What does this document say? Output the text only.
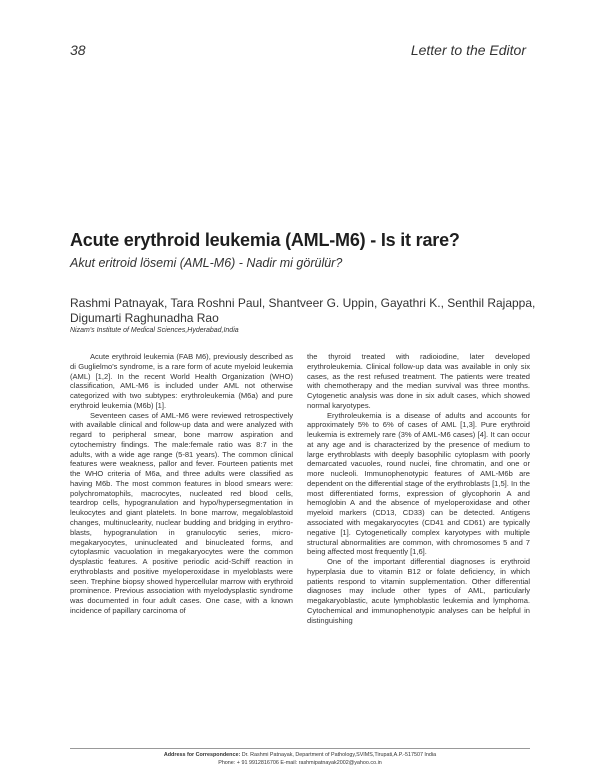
38	Letter to the Editor
Acute erythroid leukemia (AML-M6) - Is it rare?
Akut eritroid lösemi (AML-M6) - Nadir mi görülür?
Rashmi Patnayak, Tara Roshni Paul, Shantveer G. Uppin, Gayathri K., Senthil Rajappa,
Digumarti Raghunadha Rao
Nizam's Institute of Medical Sciences,Hyderabad,India

Acute erythroid leukemia (FAB M6), previously described as di Guglielmo's syndrome, is a rare form of acute myeloid leukemia (AML) [1,2]. In the recent World Health Organization (WHO) classification, AML-M6 is included under AML not otherwise categorized with two subtypes: erythroleukemia (M6a) and pure erythroid leukemia (M6b) [1].

Seventeen cases of AML-M6 were reviewed retrospectively with available clinical and follow-up data and were analyzed with regard to peripheral smear, bone marrow aspiration and cytochemistry findings. The male:female ratio was 8:7 in the adults, with a wide age range (5-81 years). The common clinical features were weakness, pallor and fever. Fourteen patients met the WHO criteria of M6a, and three adults were classified as having M6b. The most common features in blood smears were: polychromatophils, macrocytes, nucleated red blood cells, teardrop cells, hypogranulation and hypo/hypersegmentation in leukocytes and giant platelets. In bone marrow, megaloblastoid changes, multinuclearity, nuclear budding and bridging in erythroblasts, hypogranulation in granulocytic series, micromegakaryocytes, uninucleated and binucleated forms, and cytoplasmic vacuolation in megakaryocytes were the common dysplastic features. A positive periodic acid-Schiff reaction in erythroblasts and positive myeloperoxidase in myeloblasts were seen. Trephine biopsy showed hypercellular marrow with erythroid prominence. Previous association with myelodysplastic syndrome was documented in four adult cases. One case, with a known incidence of papillary carcinoma of

the thyroid treated with radioiodine, later developed erythroleukemia. Clinical follow-up data was available in only six cases, as the rest refused treatment. The patients were treated with chemotherapy and the median survival was three months. Cytogenetic analysis was done in six adult cases, which showed normal karyotypes.

Erythroleukemia is a disease of adults and accounts for approximately 5% to 6% of cases of AML [1,3]. Pure erythroid leukemia is extremely rare (3% of AML-M6 cases) [4]. It can occur at any age and is characterized by the presence of medium to large erythroblasts with deeply basophilic cytoplasm with poorly demarcated vacuoles, round nuclei, fine chromatin, and one or more nucleoli. Immunophenotypic features of AML-M6b are dependent on the differential stage of the erythroblasts [1,5]. In the most differentiated forms, expression of glycophorin A and hemoglobin A and the absence of myeloperoxidase and other myeloid markers (CD13, CD33) can be detected. Antigens associated with megakaryocytes (CD41 and CD61) are typically negative [1]. Cytogenetically complex karyotypes with multiple structural abnormalities are common, with chromosomes 5 and 7 being affected most frequently [1,6].

One of the important differential diagnoses is erythroid hyperplasia due to vitamin B12 or folate deficiency, in which patients respond to vitamin supplementation. Other differential diagnoses may include other types of AML, particularly megakaryoblastic, acute lymphoblastic leukemia and lymphoma. Cytochemical and immunophenotypic analyses can be helpful in distinguishing

Address for Correspondence: Dr. Rashmi Patnayak, Department of Pathology,SVIMS,Tirupati,A.P.-517507 India
Phone: + 91 9912816706 E-mail: rashmipatnayak2002@yahoo.co.in
